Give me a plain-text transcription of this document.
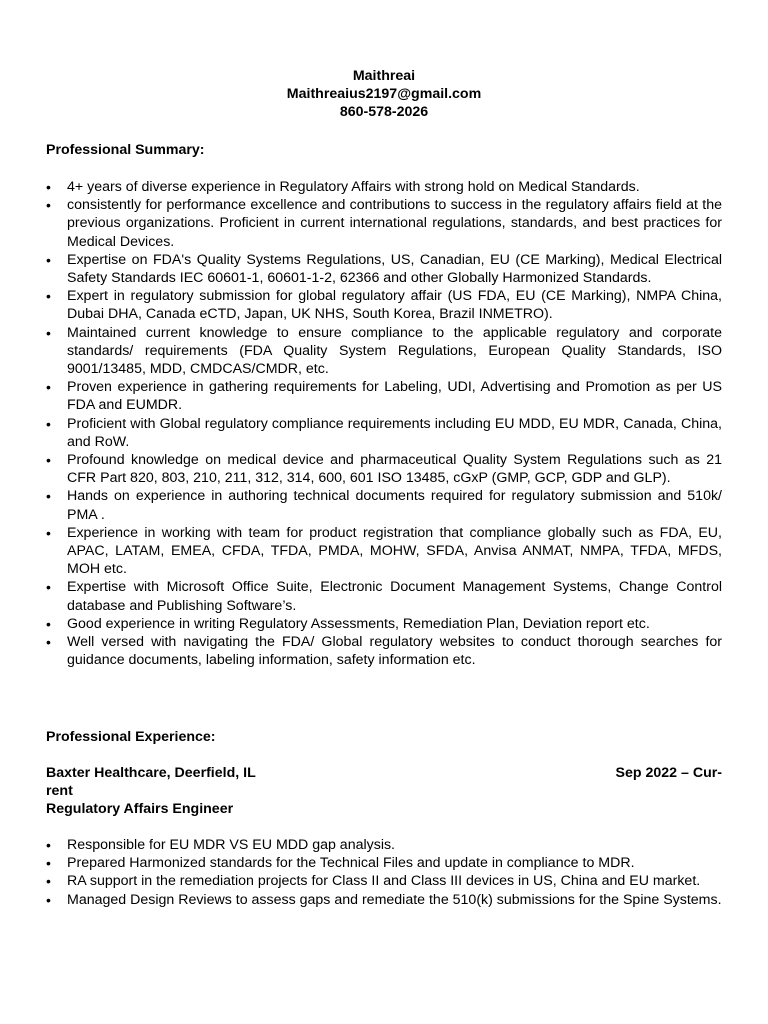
Maithreai
Maithreaius2197@gmail.com
860-578-2026
Professional Summary:
• 4+ years of diverse experience in Regulatory Affairs with strong hold on Medical Standards.
• consistently for performance excellence and contributions to success in the regulatory affairs field at the previous organizations. Proficient in current international regulations, standards, and best practices for Medical Devices.
• Expertise on FDA's Quality Systems Regulations, US, Canadian, EU (CE Marking), Medical Electrical Safety Standards IEC 60601-1, 60601-1-2, 62366 and other Globally Harmonized Standards.
• Expert in regulatory submission for global regulatory affair (US FDA, EU (CE Marking), NMPA China, Dubai DHA, Canada eCTD, Japan, UK NHS, South Korea, Brazil INMETRO).
• Maintained current knowledge to ensure compliance to the applicable regulatory and corporate standards/ requirements (FDA Quality System Regulations, European Quality Standards, ISO 9001/13485, MDD, CMDCAS/CMDR, etc.
• Proven experience in gathering requirements for Labeling, UDI, Advertising and Promotion as per US FDA and EUMDR.
• Proficient with Global regulatory compliance requirements including EU MDD, EU MDR, Canada, China, and RoW.
• Profound knowledge on medical device and pharmaceutical Quality System Regulations such as 21 CFR Part 820, 803, 210, 211, 312, 314, 600, 601 ISO 13485, cGxP (GMP, GCP, GDP and GLP).
• Hands on experience in authoring technical documents required for regulatory submission and 510k/ PMA .
• Experience in working with team for product registration that compliance globally such as FDA, EU, APAC, LATAM, EMEA, CFDA, TFDA, PMDA, MOHW, SFDA, Anvisa ANMAT, NMPA, TFDA, MFDS, MOH etc.
• Expertise with Microsoft Office Suite, Electronic Document Management Systems, Change Control database and Publishing Software’s.
• Good experience in writing Regulatory Assessments, Remediation Plan, Deviation report etc.
• Well versed with navigating the FDA/ Global regulatory websites to conduct thorough searches for guidance documents, labeling information, safety information etc.
Professional Experience:
Baxter Healthcare, Deerfield, IL	Sep 2022 – Cur-
rent
Regulatory Affairs Engineer
• Responsible for EU MDR VS EU MDD gap analysis.
• Prepared Harmonized standards for the Technical Files and update in compliance to MDR.
• RA support in the remediation projects for Class II and Class III devices in US, China and EU market.
• Managed Design Reviews to assess gaps and remediate the 510(k) submissions for the Spine Systems.
